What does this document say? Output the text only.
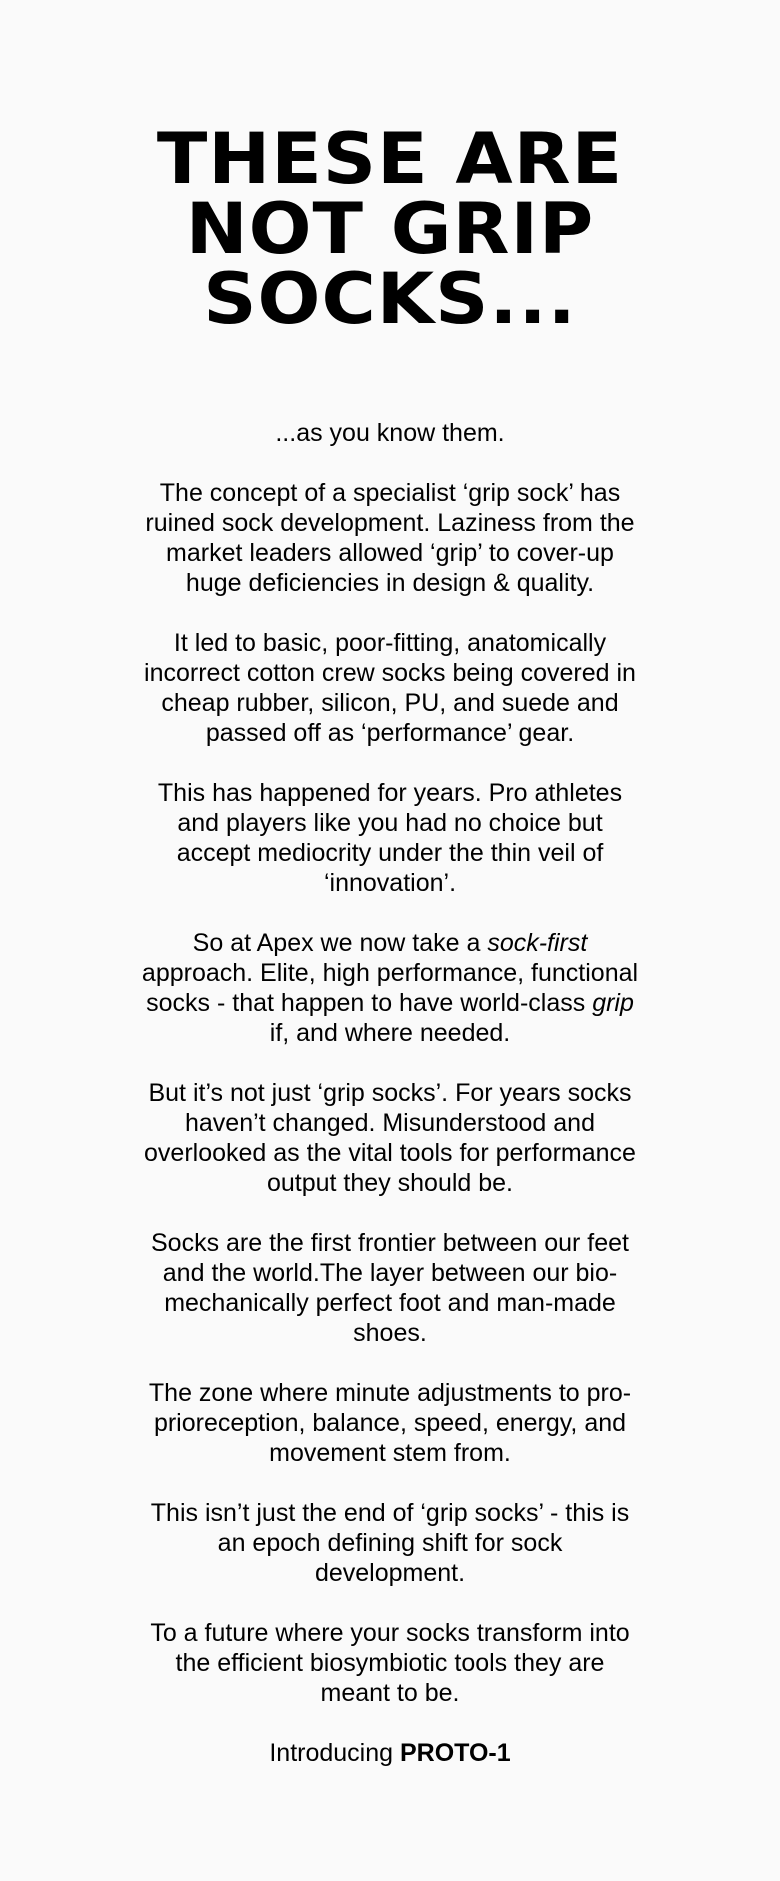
THESE ARE
NOT GRIP
SOCKS...

...as you know them.

The concept of a specialist ‘grip sock’ has ruined sock development. Laziness from the market leaders allowed ‘grip’ to cover-up huge deficiencies in design & quality.

It led to basic, poor-fitting, anatomically incorrect cotton crew socks being covered in cheap rubber, silicon, PU, and suede and passed off as ‘performance’ gear.

This has happened for years. Pro athletes and players like you had no choice but accept mediocrity under the thin veil of ‘innovation’.

So at Apex we now take a sock-first approach. Elite, high performance, functional socks - that happen to have world-class grip if, and where needed.

But it’s not just ‘grip socks’. For years socks haven’t changed. Misunderstood and overlooked as the vital tools for performance output they should be.

Socks are the first frontier between our feet and the world.The layer between our bio-mechanically perfect foot and man-made shoes.

The zone where minute adjustments to pro-prioreception, balance, speed, energy, and movement stem from.

This isn’t just the end of ‘grip socks’ - this is an epoch defining shift for sock development.

To a future where your socks transform into the efficient biosymbiotic tools they are meant to be.

Introducing PROTO-1
